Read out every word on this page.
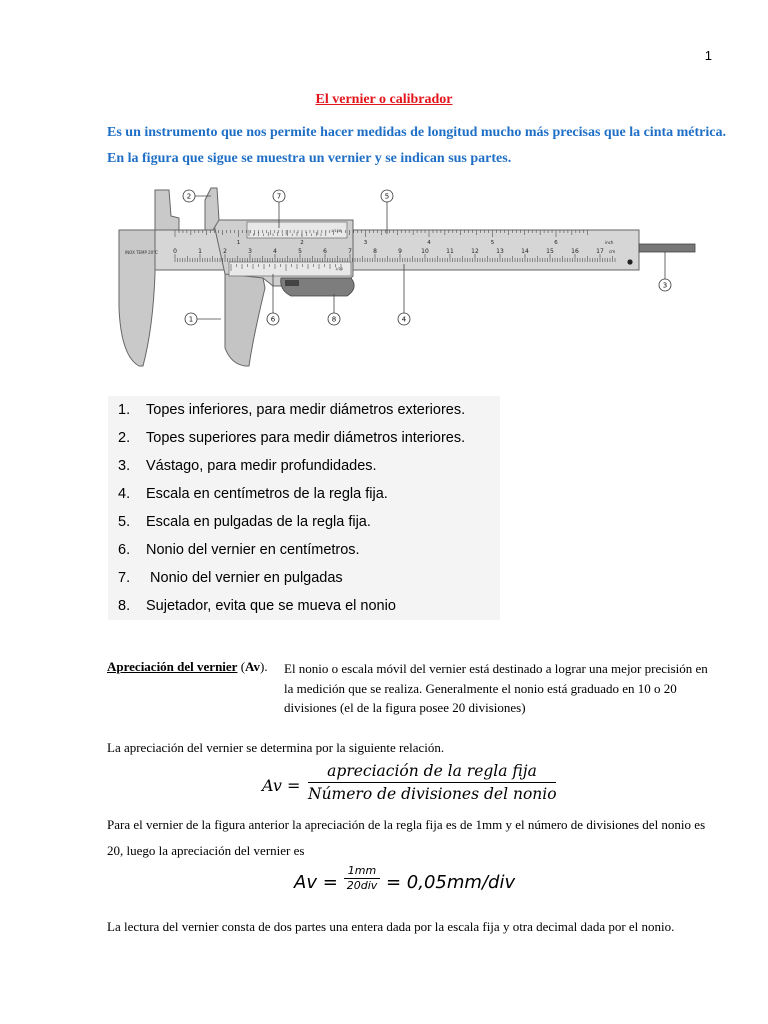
1
El vernier o calibrador
Es un instrumento que nos permite hacer medidas de longitud mucho más precisas que la cinta métrica.
En la figura que sigue se muestra un vernier y se indican sus partes.
INOX TEMP 20°C	0	1	2	3	4	5	6	7	8	9	10	11	12	13	14	15	16	17 cm
1	2	3	4	5	6	inch
1/20
1/128
1
2
3
4
5
6
7
8
1. Topes inferiores, para medir diámetros exteriores.
2. Topes superiores para medir diámetros interiores.
3. Vástago, para medir profundidades.
4. Escala en centímetros de la regla fija.
5. Escala en pulgadas de la regla fija.
6. Nonio del vernier en centímetros.
7. Nonio del vernier en pulgadas
8. Sujetador, evita que se mueva el nonio
Apreciación del vernier (Av). El nonio o escala móvil del vernier está destinado a lograr una mejor precisión en la medición que se realiza. Generalmente el nonio está graduado en 10 o 20 divisiones (el de la figura posee 20 divisiones)
La apreciación del vernier se determina por la siguiente relación.
Av =
apreciación de la regla fija
Número de divisiones del nonio
Para el vernier de la figura anterior la apreciación de la regla fija es de 1mm y el número de divisiones del nonio es 20, luego la apreciación del vernier es
Av =
1mm
20div = 0,05mm/div
La lectura del vernier consta de dos partes una entera dada por la escala fija y otra decimal dada por el nonio.
